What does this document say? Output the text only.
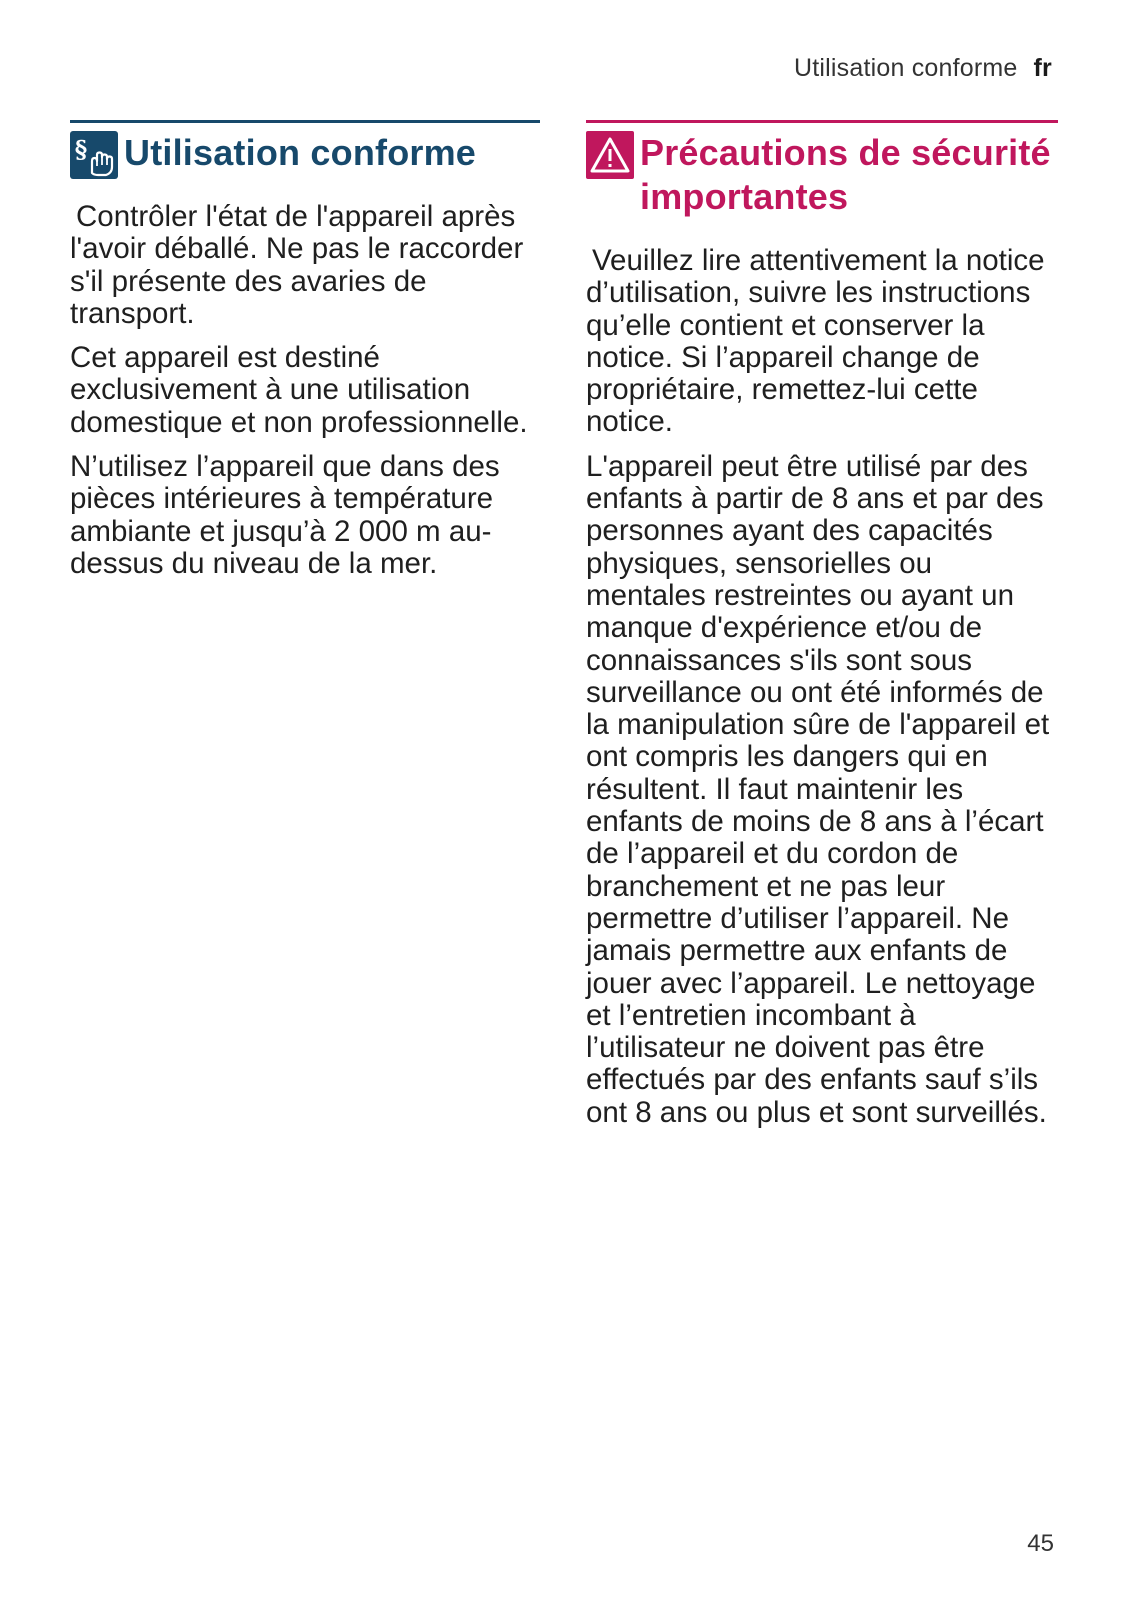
Utilisation conforme fr
§ Utilisation conforme

Contrôler l'état de l'appareil après l'avoir déballé. Ne pas le raccorder s'il présente des avaries de transport.

Cet appareil est destiné exclusivement à une utilisation domestique et non professionnelle.

N’utilisez l’appareil que dans des pièces intérieures à température ambiante et jusqu’à 2 000 m au-dessus du niveau de la mer.

Précautions de sécurité importantes

Veuillez lire attentivement la notice d’utilisation, suivre les instructions qu’elle contient et conserver la notice. Si l’appareil change de propriétaire, remettez-lui cette notice.

L'appareil peut être utilisé par des enfants à partir de 8 ans et par des personnes ayant des capacités physiques, sensorielles ou mentales restreintes ou ayant un manque d'expérience et/ou de connaissances s'ils sont sous surveillance ou ont été informés de la manipulation sûre de l'appareil et ont compris les dangers qui en résultent. Il faut maintenir les enfants de moins de 8 ans à l’écart de l’appareil et du cordon de branchement et ne pas leur permettre d’utiliser l’appareil. Ne jamais permettre aux enfants de jouer avec l’appareil. Le nettoyage et l’entretien incombant à l’utilisateur ne doivent pas être effectués par des enfants sauf s’ils ont 8 ans ou plus et sont surveillés.

45
